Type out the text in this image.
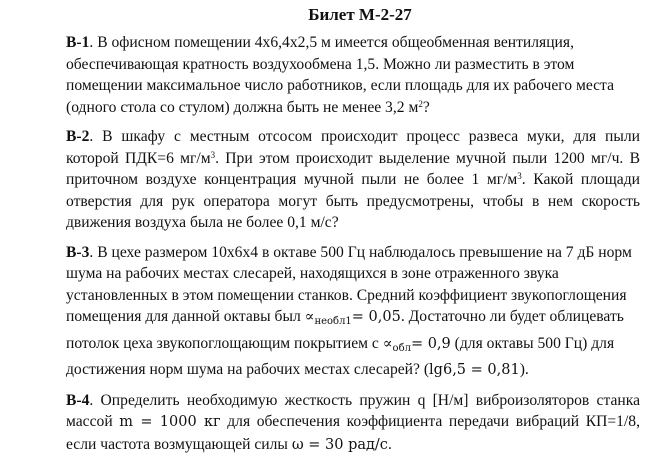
Билет М-2-27

В-1. В офисном помещении 4х6,4х2,5 м имеется общеобменная вентиляция, обеспечивающая кратность воздухообмена 1,5. Можно ли разместить в этом помещении максимальное число работников, если площадь для их рабочего места (одного стола со стулом) должна быть не менее 3,2 $м^2$?

В-2. В шкафу с местным отсосом происходит процесс развеса муки, для пыли которой ПДК=6 $мг/м^3$. При этом происходит выделение мучной пыли 1200 мг/ч. В приточном воздухе концентрация мучной пыли не более 1 $мг/м^3$. Какой площади отверстия для рук оператора могут быть предусмотрены, чтобы в нем скорость движения воздуха была не более 0,1 м/с?

В-3. В цехе размером 10х6х4 в октаве 500 Гц наблюдалось превышение на 7 дБ норм шума на рабочих местах слесарей, находящихся в зоне отраженного звука установленных в этом помещении станков. Средний коэффициент звукопоглощения помещения для данной октавы был $\propto_{необл1}= 0,05$. Достаточно ли будет облицевать потолок цеха звукопоглощающим покрытием $с \propto_{обл}= 0,9$ (для октавы 500 Гц) для достижения норм шума на рабочих местах слесарей? (lg6,5 = 0,81).

В-4. Определить необходимую жесткость пружин q [Н/м] виброизоляторов станка массой m = 1000 кг для обеспечения коэффициента передачи вибраций КП=1/8, если частота возмущающей силы ω = 30 рад/с.
